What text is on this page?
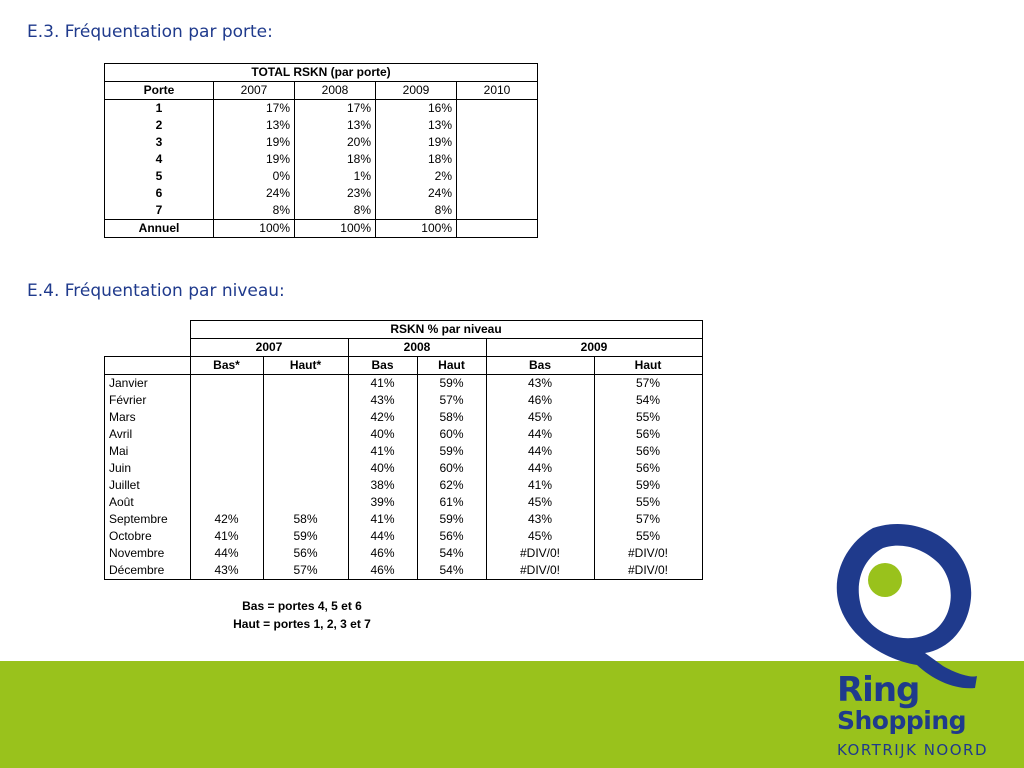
E.3. Fréquentation par porte:
TOTAL RSKN (par porte)				
Porte	2007	2008	2009	2010
1	17%	17%	16%	
2	13%	13%	13%	
3	19%	20%	19%	
4	19%	18%	18%	
5	0%	1%	2%	
6	24%	23%	24%	
7	8%	8%	8%	
Annuel	100%	100%	100%	
E.4. Fréquentation par niveau:
	RSKN % par niveau					
	2007		2008		2009	
	Bas*	Haut*	Bas	Haut	Bas	Haut
Janvier			41%	59%	43%	57%
Février			43%	57%	46%	54%
Mars			42%	58%	45%	55%
Avril			40%	60%	44%	56%
Mai			41%	59%	44%	56%
Juin			40%	60%	44%	56%
Juillet			38%	62%	41%	59%
Août			39%	61%	45%	55%
Septembre	42%	58%	41%	59%	43%	57%
Octobre	41%	59%	44%	56%	45%	55%
Novembre	44%	56%	46%	54%	#DIV/0!	#DIV/0!
Décembre	43%	57%	46%	54%	#DIV/0!	#DIV/0!
Bas = portes 4, 5 et 6
Haut = portes 1, 2, 3 et 7
Ring
Shopping
KORTRIJK NOORD
